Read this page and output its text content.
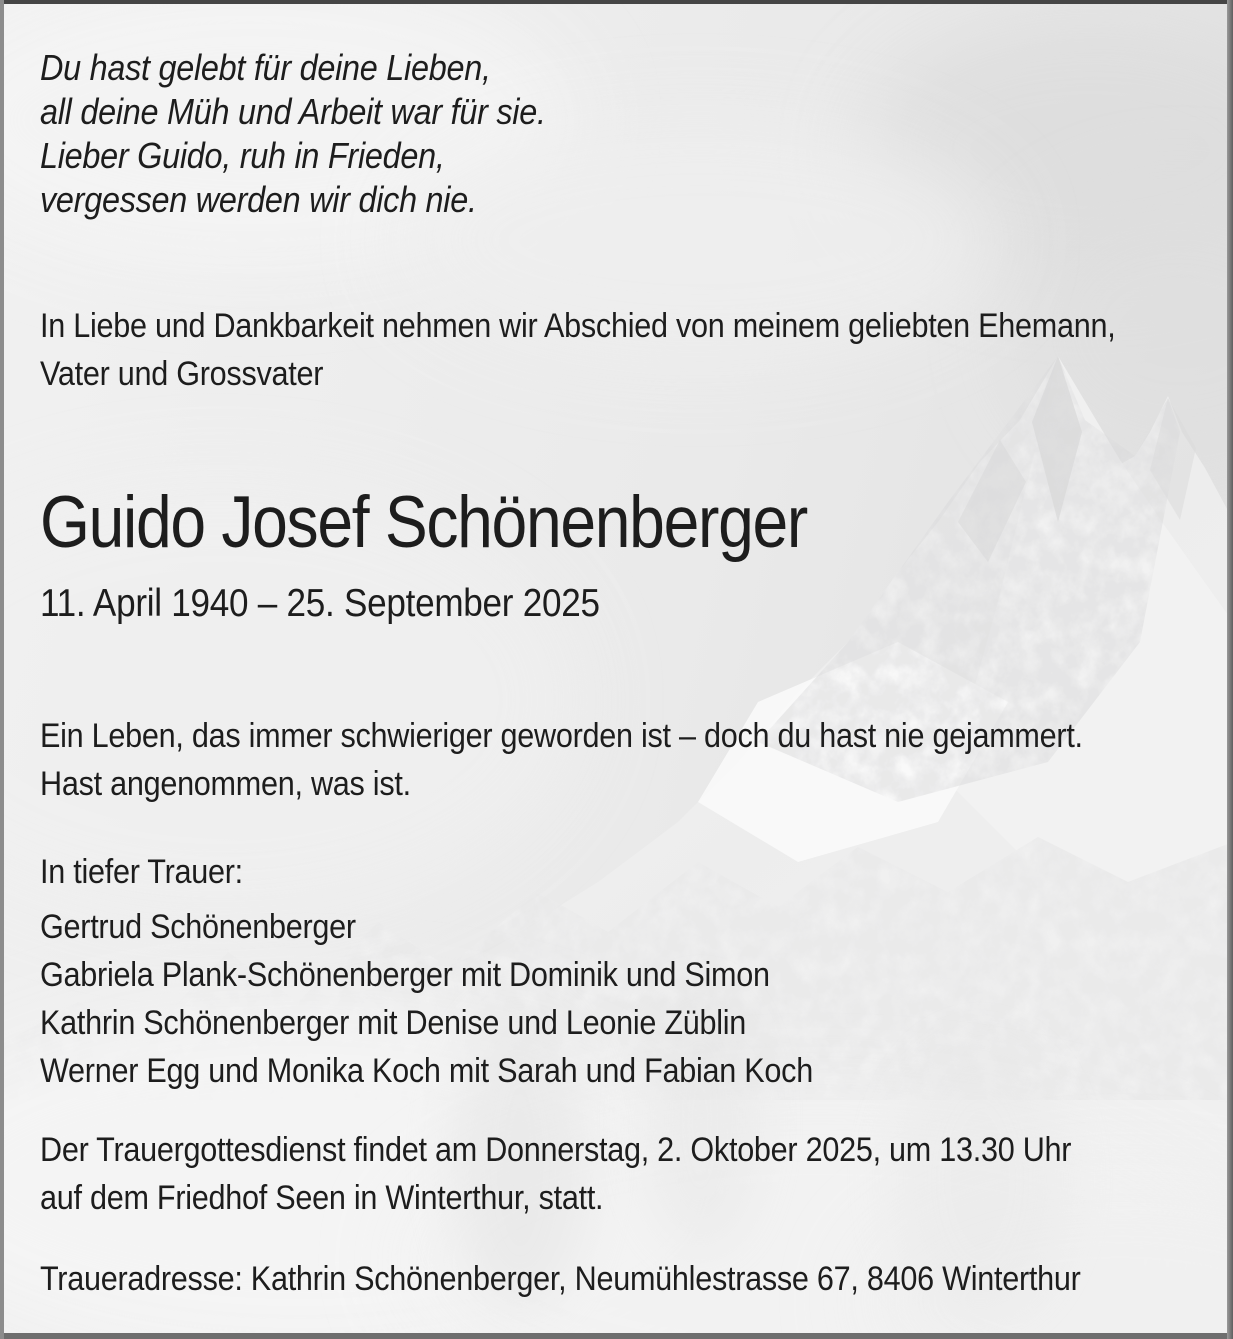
Du hast gelebt für deine Lieben,
all deine Müh und Arbeit war für sie.
Lieber Guido, ruh in Frieden,
vergessen werden wir dich nie.
In Liebe und Dankbarkeit nehmen wir Abschied von meinem geliebten Ehemann,
Vater und Grossvater
Guido Josef Schönenberger
11. April 1940 – 25. September 2025
Ein Leben, das immer schwieriger geworden ist – doch du hast nie gejammert.
Hast angenommen, was ist.
In tiefer Trauer:
Gertrud Schönenberger
Gabriela Plank-Schönenberger mit Dominik und Simon
Kathrin Schönenberger mit Denise und Leonie Züblin
Werner Egg und Monika Koch mit Sarah und Fabian Koch
Der Trauergottesdienst findet am Donnerstag, 2. Oktober 2025, um 13.30 Uhr
auf dem Friedhof Seen in Winterthur, statt.
Traueradresse: Kathrin Schönenberger, Neumühlestrasse 67, 8406 Winterthur
